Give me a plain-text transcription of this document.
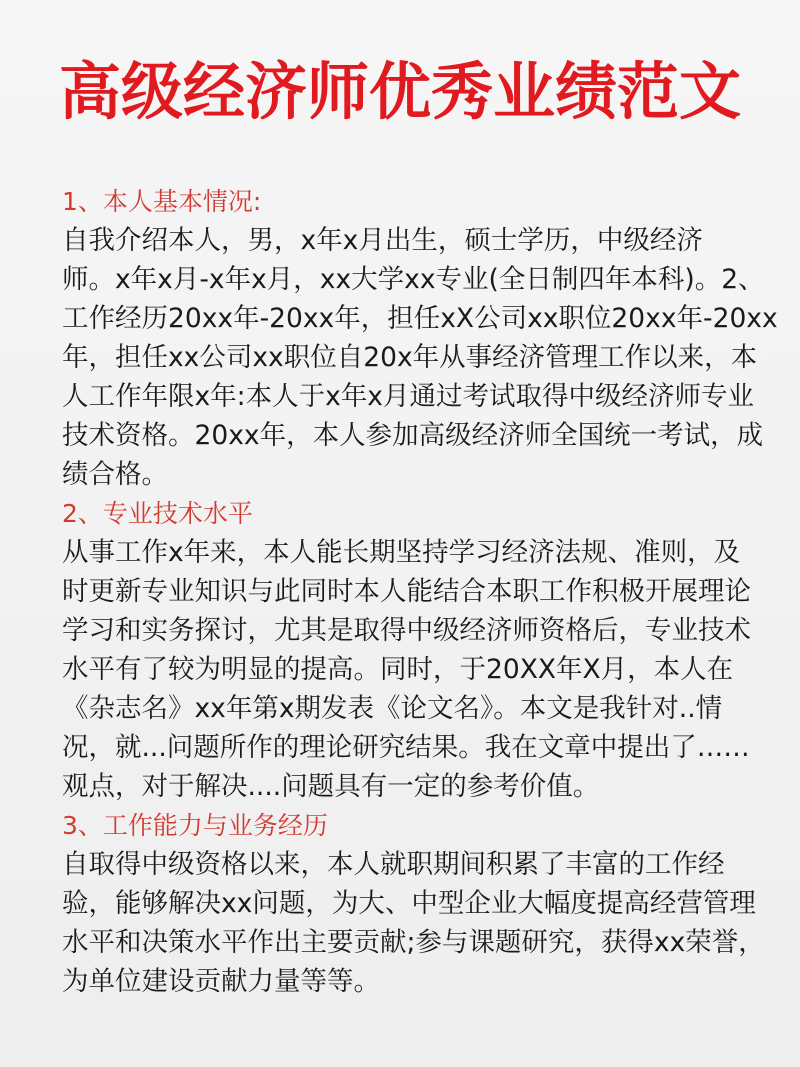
高级经济师优秀业绩范文
1、本人基本情况:
自我介绍本人，男，x年x月出生，硕士学历，中级经济
师。x年x月-x年x月，xx大学xx专业(全日制四年本科)。2、
工作经历20xx年-20xx年，担任xX公司xx职位20xx年-20xx
年，担任xx公司xx职位自20x年从事经济管理工作以来，本
人工作年限x年:本人于x年x月通过考试取得中级经济师专业
技术资格。20xx年，本人参加高级经济师全国统一考试，成
绩合格。
2、专业技术水平
从事工作x年来，本人能长期坚持学习经济法规、准则，及
时更新专业知识与此同时本人能结合本职工作积极开展理论
学习和实务探讨，尤其是取得中级经济师资格后，专业技术
水平有了较为明显的提高。同时，于20XX年X月，本人在
《杂志名》xx年第x期发表《论文名》。本文是我针对..情
况，就...问题所作的理论研究结果。我在文章中提出了……
观点，对于解决....问题具有一定的参考价值。
3、工作能力与业务经历
自取得中级资格以来，本人就职期间积累了丰富的工作经
验，能够解决xx问题，为大、中型企业大幅度提高经营管理
水平和决策水平作出主要贡献;参与课题研究，获得xx荣誉，
为单位建设贡献力量等等。
